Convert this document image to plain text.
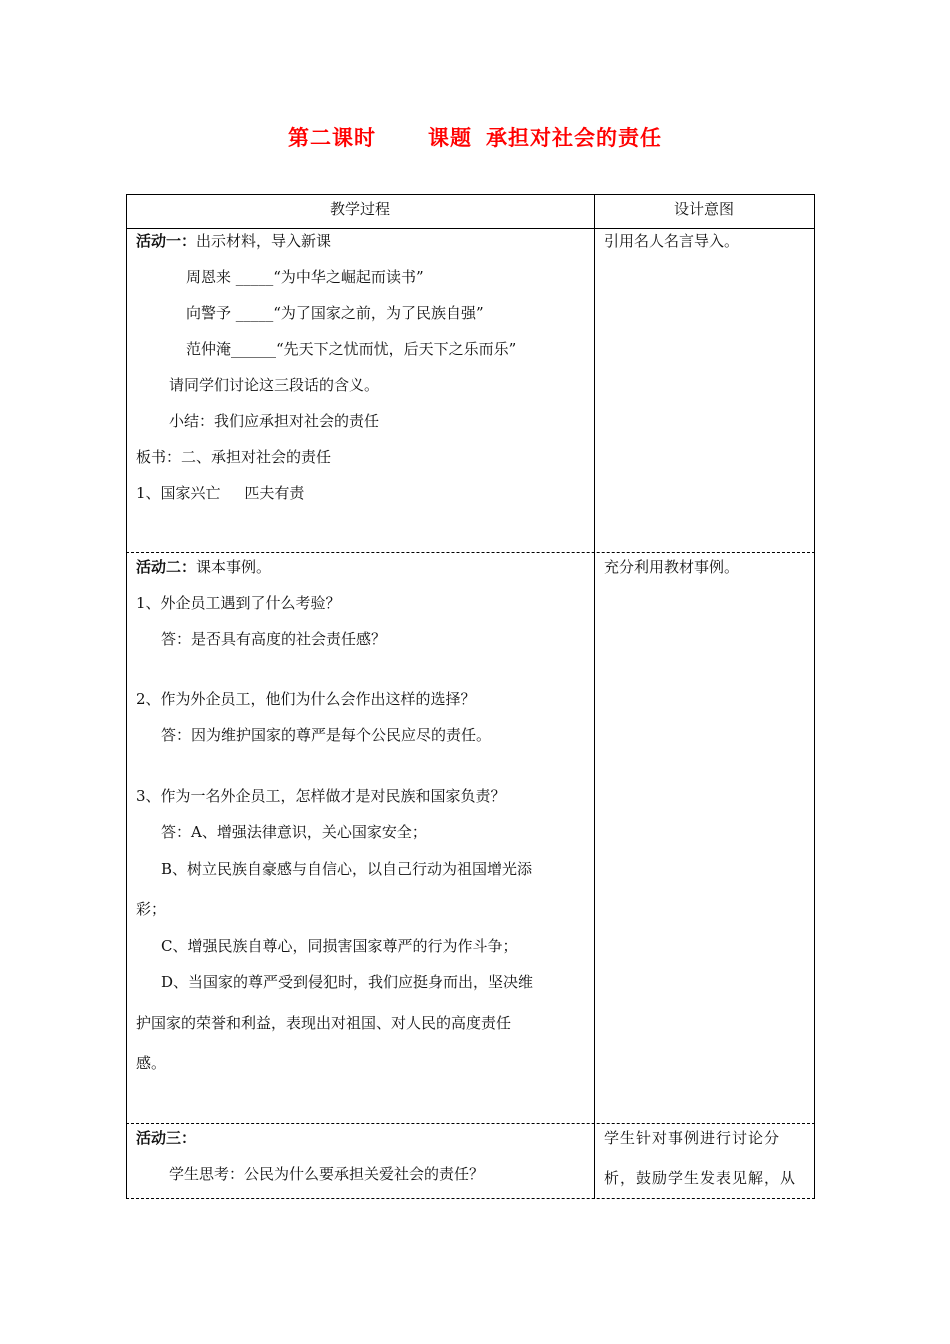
第二课时 课题 承担对社会的责任
教学过程	设计意图
活动一：出示材料，导入新课
周恩来 _____“为中华之崛起而读书”
向警予 _____“为了国家之前，为了民族自强”
范仲淹______“先天下之忧而忧，后天下之乐而乐”
请同学们讨论这三段话的含义。
小结：我们应承担对社会的责任
板书：二、承担对社会的责任
1、国家兴亡     匹夫有责
引用名人名言导入。
活动二：课本事例。
1、外企员工遇到了什么考验？
答：是否具有高度的社会责任感？
2、作为外企员工，他们为什么会作出这样的选择？
答：因为维护国家的尊严是每个公民应尽的责任。
3、作为一名外企员工，怎样做才是对民族和国家负责？
答：A、增强法律意识，关心国家安全；
B、树立民族自豪感与自信心，以自己行动为祖国增光添
彩；
C、增强民族自尊心，同损害国家尊严的行为作斗争；
D、当国家的尊严受到侵犯时，我们应挺身而出，坚决维
护国家的荣誉和利益，表现出对祖国、对人民的高度责任
感。
充分利用教材事例。
活动三：
学生思考：公民为什么要承担关爱社会的责任？
学生针对事例进行讨论分
析，鼓励学生发表见解，从
